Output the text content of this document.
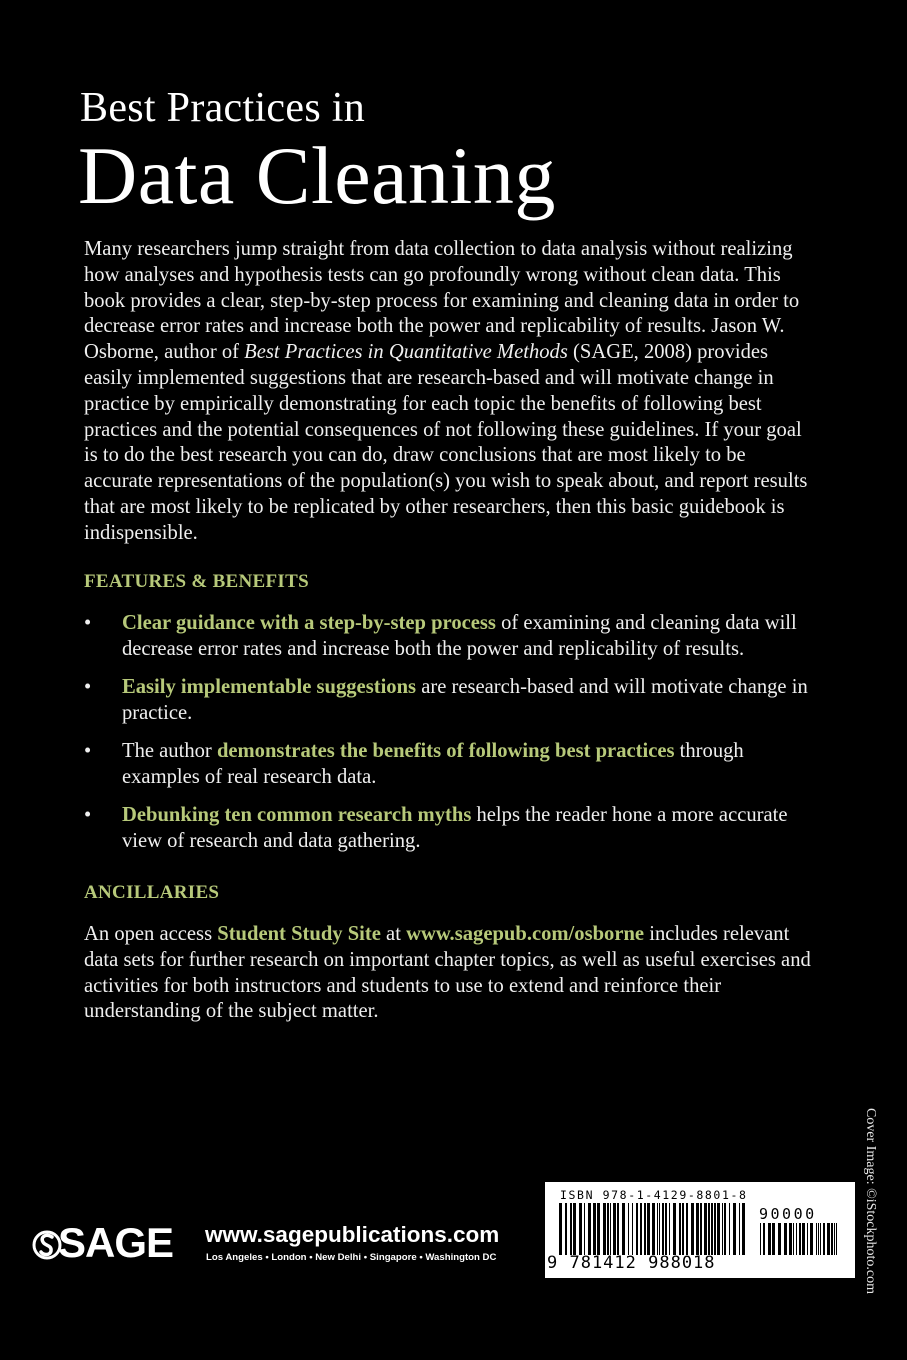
Best Practices in
Data Cleaning

Many researchers jump straight from data collection to data analysis without realizing how analyses and hypothesis tests can go profoundly wrong without clean data. This book provides a clear, step-by-step process for examining and cleaning data in order to decrease error rates and increase both the power and replicability of results. Jason W. Osborne, author of Best Practices in Quantitative Methods (SAGE, 2008) provides easily implemented suggestions that are research-based and will motivate change in practice by empirically demonstrating for each topic the benefits of following best practices and the potential consequences of not following these guidelines. If your goal is to do the best research you can do, draw conclusions that are most likely to be accurate representations of the population(s) you wish to speak about, and report results that are most likely to be replicated by other researchers, then this basic guidebook is indispensible.

FEATURES & BENEFITS
• Clear guidance with a step-by-step process of examining and cleaning data will decrease error rates and increase both the power and replicability of results.
• Easily implementable suggestions are research-based and will motivate change in practice.
• The author demonstrates the benefits of following best practices through examples of real research data.
• Debunking ten common research myths helps the reader hone a more accurate view of research and data gathering.
ANCILLARIES
An open access Student Study Site at www.sagepub.com/osborne includes relevant data sets for further research on important chapter topics, as well as useful exercises and activities for both instructors and students to use to extend and reinforce their understanding of the subject matter.
Cover Image: ©iStockphoto.com
SAGE www.sagepublications.com
Los Angeles • London • New Delhi • Singapore • Washington DC
ISBN 978-1-4129-8801-8
90000
9 781412 988018
